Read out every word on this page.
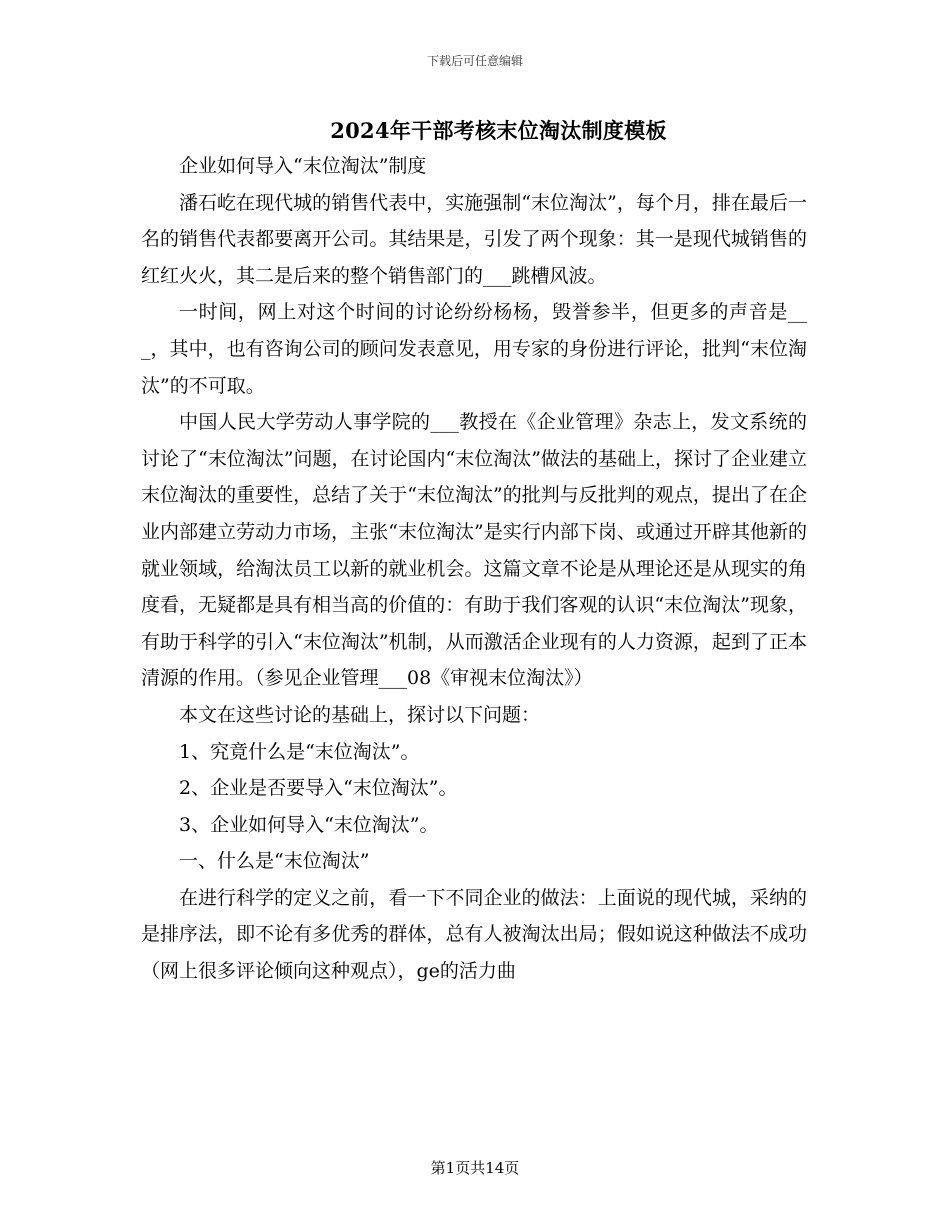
下载后可任意编辑
2024年干部考核末位淘汰制度模板

企业如何导入“末位淘汰”制度

潘石屹在现代城的销售代表中，实施强制“末位淘汰”，每个月，排在最后一名的销售代表都要离开公司。其结果是，引发了两个现象：其一是现代城销售的红红火火，其二是后来的整个销售部门的___跳槽风波。

一时间，网上对这个时间的讨论纷纷杨杨，毁誉参半，但更多的声音是___，其中，也有咨询公司的顾问发表意见，用专家的身份进行评论，批判“末位淘汰”的不可取。

中国人民大学劳动人事学院的___教授在《企业管理》杂志上，发文系统的讨论了“末位淘汰”问题，在讨论国内“末位淘汰”做法的基础上，探讨了企业建立末位淘汰的重要性，总结了关于“末位淘汰”的批判与反批判的观点，提出了在企业内部建立劳动力市场，主张“末位淘汰”是实行内部下岗、或通过开辟其他新的就业领域，给淘汰员工以新的就业机会。这篇文章不论是从理论还是从现实的角度看，无疑都是具有相当高的价值的：有助于我们客观的认识“末位淘汰”现象，有助于科学的引入“末位淘汰”机制，从而激活企业现有的人力资源，起到了正本清源的作用。（参见企业管理___08《审视末位淘汰》）

本文在这些讨论的基础上，探讨以下问题：

1、究竟什么是“末位淘汰”。

2、企业是否要导入“末位淘汰”。

3、企业如何导入“末位淘汰”。

一、什么是“末位淘汰”

在进行科学的定义之前，看一下不同企业的做法：上面说的现代城，采纳的是排序法，即不论有多优秀的群体，总有人被淘汰出局；假如说这种做法不成功（网上很多评论倾向这种观点），ge的活力曲

第1页共14页
